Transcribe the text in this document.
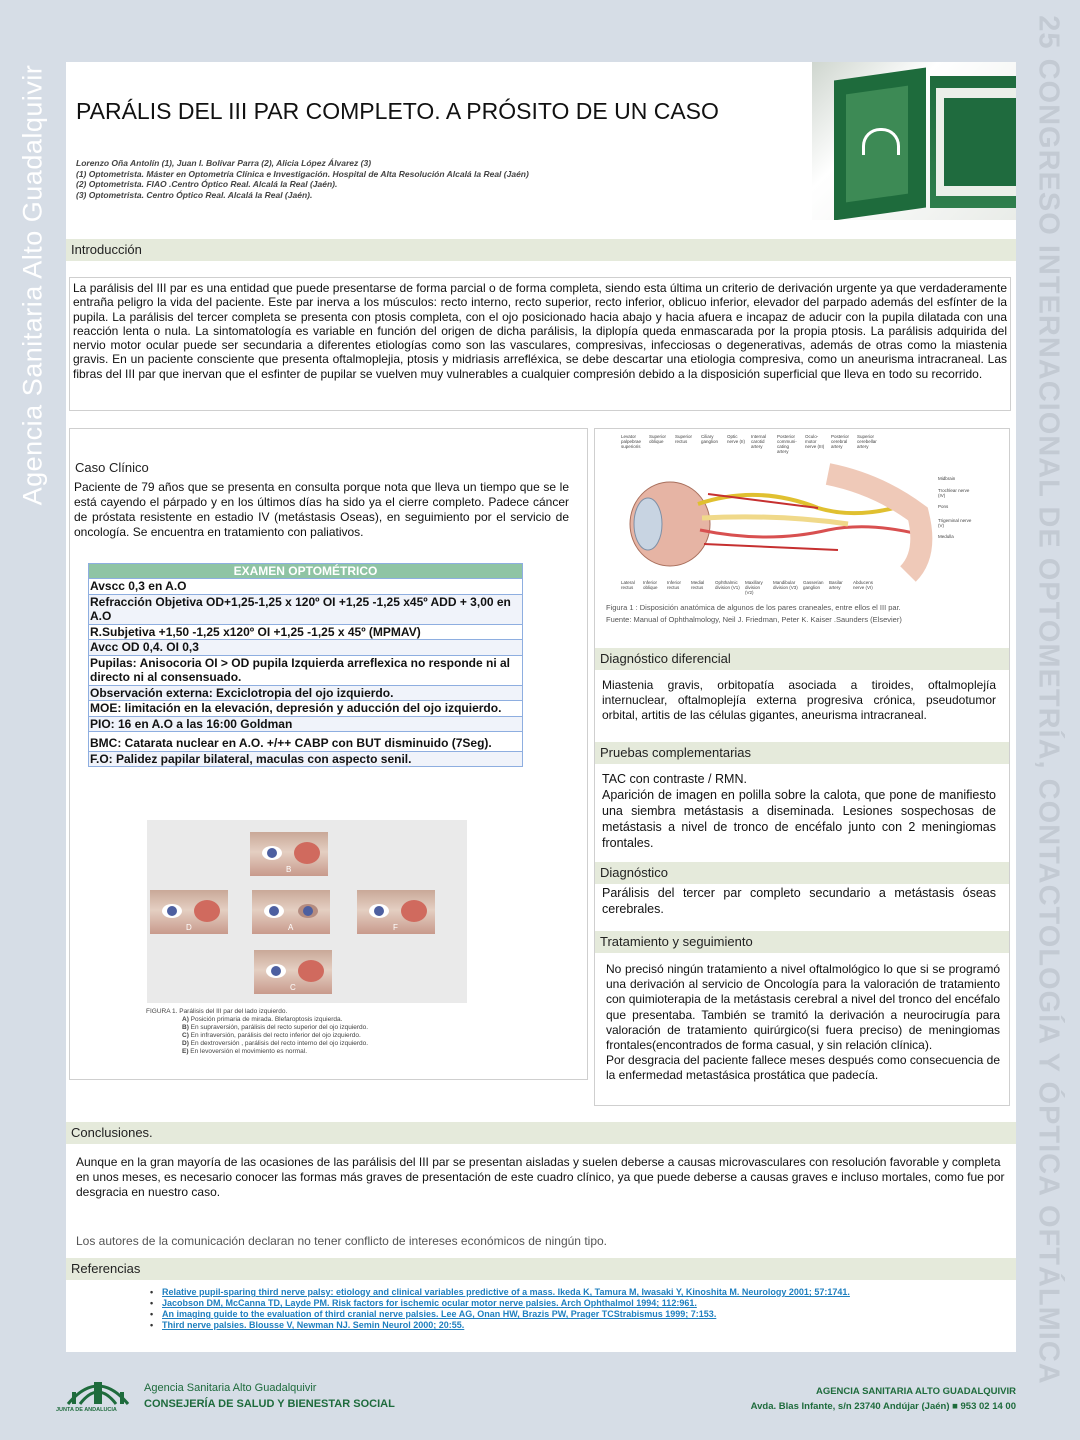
Agencia Sanitaria Alto Guadalquivir	25 CONGRESO INTERNACIONAL DE OPTOMETRÍA, CONTACTOLOGÍA Y ÓPTICA OFTÁLMICA
PARÁLIS DEL III PAR COMPLETO. A PRÓSITO DE UN CASO
Lorenzo Oña Antolín (1), Juan I. Bolívar Parra (2), Alicia López Álvarez (3)
(1) Optometrista. Máster en Optometría Clínica e Investigación. Hospital de Alta Resolución Alcalá la Real (Jaén)
(2) Optometrista. FIAO .Centro Óptico Real. Alcalá la Real (Jaén).
(3) Optometrista. Centro Óptico Real. Alcalá la Real (Jaén).
Introducción
La parálisis del III par es una entidad que puede presentarse de forma parcial o de forma completa, siendo esta última un criterio de derivación urgente ya que verdaderamente entraña peligro la vida del paciente. Este par inerva a los músculos: recto interno, recto superior, recto inferior, oblicuo inferior, elevador del parpado además del esfínter de la pupila. La parálisis del tercer completa se presenta con ptosis completa, con el ojo posicionado hacia abajo y hacia afuera e incapaz de aducir con la pupila dilatada con una reacción lenta o nula. La sintomatología es variable en función del origen de dicha parálisis, la diplopía queda enmascarada por la propia ptosis. La parálisis adquirida del nervio motor ocular puede ser secundaria a diferentes etiologías como son las vasculares, compresivas, infecciosas o degenerativas, además de otras como la miastenia gravis. En un paciente consciente que presenta oftalmoplejia, ptosis y midriasis arrefléxica, se debe descartar una etiologia compresiva, como un aneurisma intracraneal. Las fibras del III par que inervan que el esfinter de pupilar se vuelven muy vulnerables a cualquier compresión debido a la disposición superficial que lleva en todo su recorrido.
Caso Clínico
Paciente de 79 años que se presenta en consulta porque nota que lleva un tiempo que se le está cayendo el párpado y en los últimos días ha sido ya el cierre completo. Padece cáncer de próstata resistente en estadio IV (metástasis Oseas), en seguimiento por el servicio de oncología. Se encuentra en tratamiento con paliativos.
EXAMEN OPTOMÉTRICO
Avscc 0,3 en A.O
Refracción Objetiva OD+1,25-1,25 x 120º OI +1,25 -1,25 x45º ADD + 3,00 en A.O
R.Subjetiva +1,50 -1,25 x120º OI +1,25 -1,25 x 45º (MPMAV)
Avcc OD 0,4. OI 0,3
Pupilas: Anisocoria OI > OD pupila Izquierda arreflexica no responde ni al directo ni al consensuado.
Observación externa: Exciclotropia del ojo izquierdo.
MOE: limitación en la elevación, depresión y aducción del ojo izquierdo.
PIO: 16 en A.O a las 16:00 Goldman
BMC: Catarata nuclear en A.O. +/++ CABP con BUT disminuido (7Seg).
F.O: Palidez papilar bilateral, maculas con aspecto senil.
B
D	A	F
C
FIGURA 1. Parálisis del III par del lado izquierdo.
A) Posición primaria de mirada. Blefaroptosis izquierda.
B) En supraversión, parálisis del recto superior del ojo izquierdo.
C) En infraversión, parálisis del recto inferior del ojo izquierdo.
D) En dextroversión , parálisis del recto interno del ojo izquierdo.
E) En levoversión el movimiento es normal.
Levator palpebrae superioris
Superior oblique
Superior rectus
Ciliary ganglion
Optic nerve (II)
Internal carotid artery
Posterior communi-cating artery
Oculo-motor nerve (III)
Posterior cerebral artery
Superior cerebellar artery
Midbrain
Trochlear nerve (IV)
Pons
Trigeminal nerve (V)
Medulla
Lateral rectus
Inferior oblique
Inferior rectus
Medial rectus
Ophthalmic division (V1)
Maxillary division (V2)
Mandibular division (V3)
Gasserian ganglion
Basilar artery
Abducens nerve (VI)
Figura 1 : Disposición anatómica de algunos de los pares craneales, entre ellos el III par.
Fuente: Manual of Ophthalmology, Neil J. Friedman, Peter K. Kaiser .Saunders (Elsevier)
Diagnóstico diferencial
Miastenia gravis, orbitopatía asociada a tiroides, oftalmoplejía internuclear, oftalmoplejía externa progresiva crónica, pseudotumor orbital, artitis de las células gigantes, aneurisma intracraneal.
Pruebas complementarias
TAC con contraste / RMN.
Aparición de imagen en polilla sobre la calota, que pone de manifiesto una siembra metástasis a diseminada. Lesiones sospechosas de metástasis a nivel de tronco de encéfalo junto con 2 meningiomas frontales.
Diagnóstico
Parálisis del tercer par completo secundario a metástasis óseas cerebrales.
Tratamiento y seguimiento
No precisó ningún tratamiento a nivel oftalmológico lo que si se programó una derivación al servicio de Oncología para la valoración de tratamiento con quimioterapia de la metástasis cerebral a nivel del tronco del encéfalo que presentaba. También se tramitó la derivación a neurocirugía para valoración de tratamiento quirúrgico(si fuera preciso) de meningiomas frontales(encontrados de forma casual, y sin relación clínica).
Por desgracia del paciente fallece meses después como consecuencia de la enfermedad metastásica prostática que padecía.
Conclusiones.
Aunque en la gran mayoría de las ocasiones de las parálisis del III par se presentan aisladas y suelen deberse a causas microvasculares con resolución favorable y completa en unos meses, es necesario conocer las formas más graves de presentación de este cuadro clínico, ya que puede deberse a causas graves e incluso mortales, como fue por desgracia en nuestro caso.
Los autores de la comunicación declaran no tener conflicto de intereses económicos de ningún tipo.
Referencias
• Relative pupil-sparing third nerve palsy: etiology and clinical variables predictive of a mass. Ikeda K, Tamura M, Iwasaki Y, Kinoshita M. Neurology 2001; 57:1741.
• Jacobson DM, McCanna TD, Layde PM. Risk factors for ischemic ocular motor nerve palsies. Arch Ophthalmol 1994; 112:961.
• An imaging guide to the evaluation of third cranial nerve palsies. Lee AG, Onan HW, Brazis PW, Prager TCStrabismus 1999; 7:153.
• Third nerve palsies. Blousse V, Newman NJ. Semin Neurol 2000; 20:55.
JUNTA DE ANDALUCIA
Agencia Sanitaria Alto Guadalquivir
CONSEJERÍA DE SALUD Y BIENESTAR SOCIAL
AGENCIA SANITARIA ALTO GUADALQUIVIR
Avda. Blas Infante, s/n 23740 Andújar (Jaén) ■ 953 02 14 00
